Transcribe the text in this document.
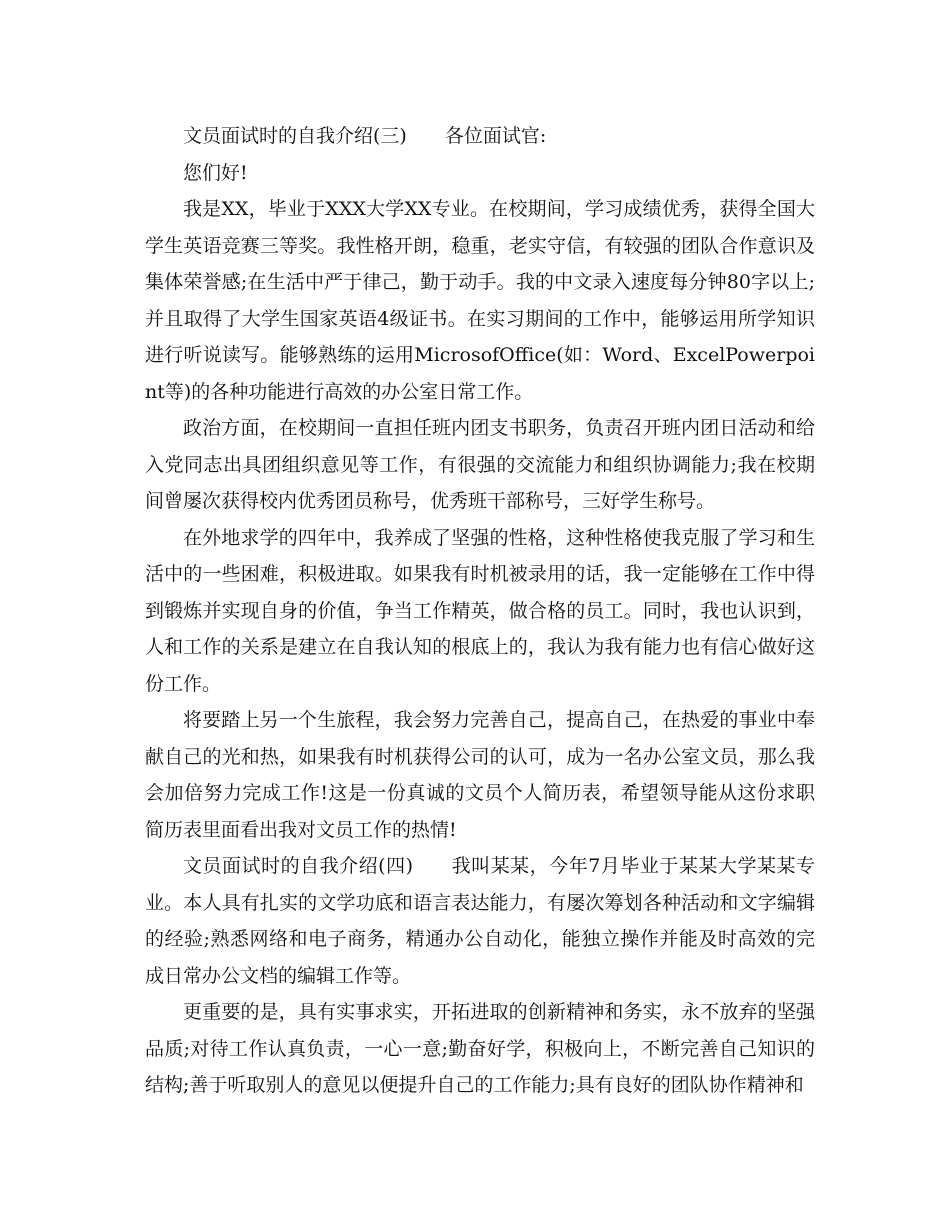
文员面试时的自我介绍(三) 各位面试官:

您们好!

我是XX，毕业于XXX大学XX专业。在校期间，学习成绩优秀，获得全国大学生英语竞赛三等奖。我性格开朗，稳重，老实守信，有较强的团队合作意识及集体荣誉感;在生活中严于律己，勤于动手。我的中文录入速度每分钟80字以上;并且取得了大学生国家英语4级证书。在实习期间的工作中，能够运用所学知识进行听说读写。能够熟练的运用MicrosofOffice(如：Word、ExcelPowerpoint等)的各种功能进行高效的办公室日常工作。

政治方面，在校期间一直担任班内团支书职务，负责召开班内团日活动和给入党同志出具团组织意见等工作，有很强的交流能力和组织协调能力;我在校期间曾屡次获得校内优秀团员称号，优秀班干部称号，三好学生称号。

在外地求学的四年中，我养成了坚强的性格，这种性格使我克服了学习和生活中的一些困难，积极进取。如果我有时机被录用的话，我一定能够在工作中得到锻炼并实现自身的价值，争当工作精英，做合格的员工。同时，我也认识到，人和工作的关系是建立在自我认知的根底上的，我认为我有能力也有信心做好这份工作。

将要踏上另一个生旅程，我会努力完善自己，提高自己，在热爱的事业中奉献自己的光和热，如果我有时机获得公司的认可，成为一名办公室文员，那么我会加倍努力完成工作!这是一份真诚的文员个人简历表，希望领导能从这份求职简历表里面看出我对文员工作的热情!

文员面试时的自我介绍(四) 我叫某某，今年7月毕业于某某大学某某专业。本人具有扎实的文学功底和语言表达能力，有屡次筹划各种活动和文字编辑的经验;熟悉网络和电子商务，精通办公自动化，能独立操作并能及时高效的完成日常办公文档的编辑工作等。

更重要的是，具有实事求实，开拓进取的创新精神和务实，永不放弃的坚强品质;对待工作认真负责，一心一意;勤奋好学，积极向上，不断完善自己知识的结构;善于听取别人的意见以便提升自己的工作能力;具有良好的团队协作精神和
